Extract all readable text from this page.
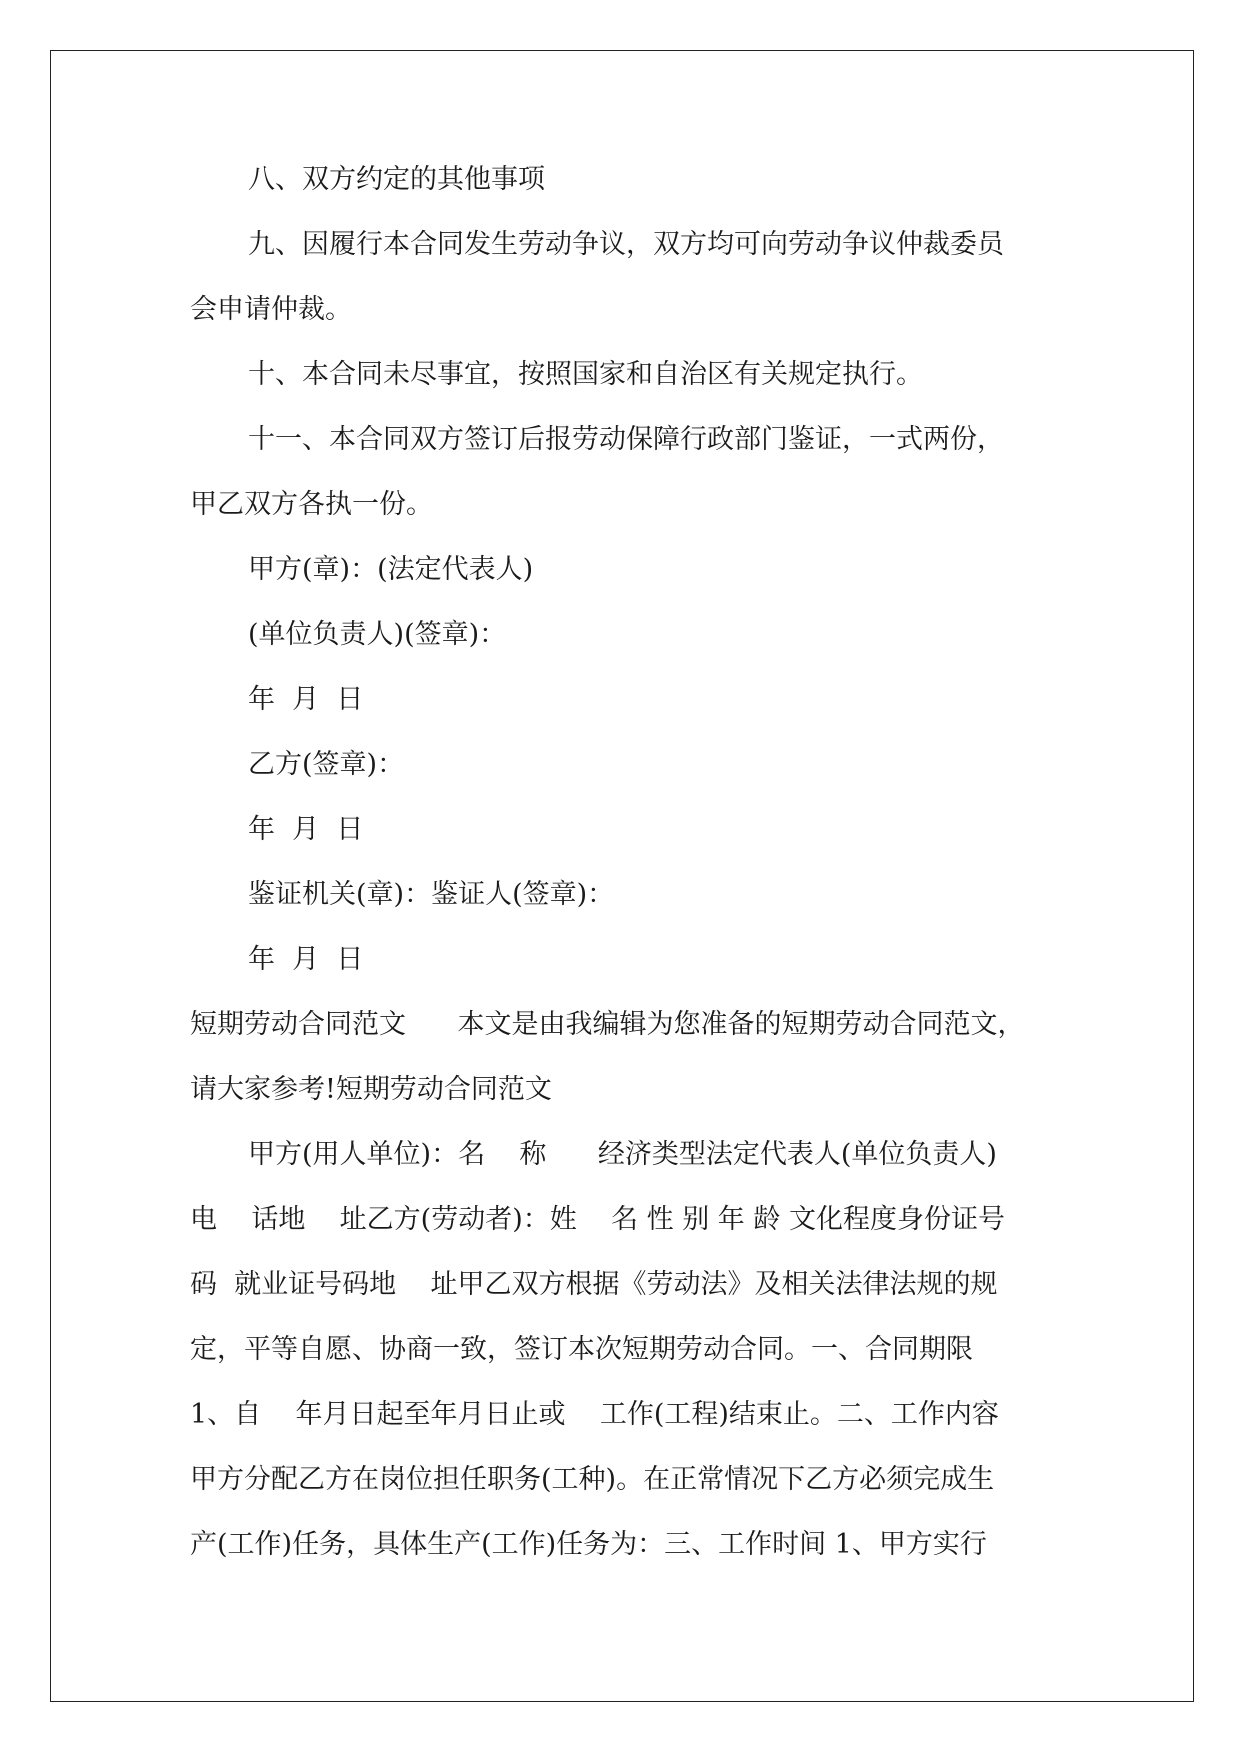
八、双方约定的其他事项
九、因履行本合同发生劳动争议，双方均可向劳动争议仲裁委员
会申请仲裁。
十、本合同未尽事宜，按照国家和自治区有关规定执行。
十一、本合同双方签订后报劳动保障行政部门鉴证，一式两份，
甲乙双方各执一份。
甲方(章)：(法定代表人)
(单位负责人)(签章)：
年  月  日
乙方(签章)：
年  月  日
鉴证机关(章)：鉴证人(签章)：
年  月  日
短期劳动合同范文      本文是由我编辑为您准备的短期劳动合同范文，
请大家参考!短期劳动合同范文
甲方(用人单位)：名    称      经济类型法定代表人(单位负责人)
电    话地    址乙方(劳动者)：姓    名 性 别 年 龄 文化程度身份证号
码  就业证号码地    址甲乙双方根据《劳动法》及相关法律法规的规
定，平等自愿、协商一致，签订本次短期劳动合同。一、合同期限
1、自    年月日起至年月日止或    工作(工程)结束止。二、工作内容
甲方分配乙方在岗位担任职务(工种)。在正常情况下乙方必须完成生
产(工作)任务，具体生产(工作)任务为：三、工作时间 1、甲方实行
